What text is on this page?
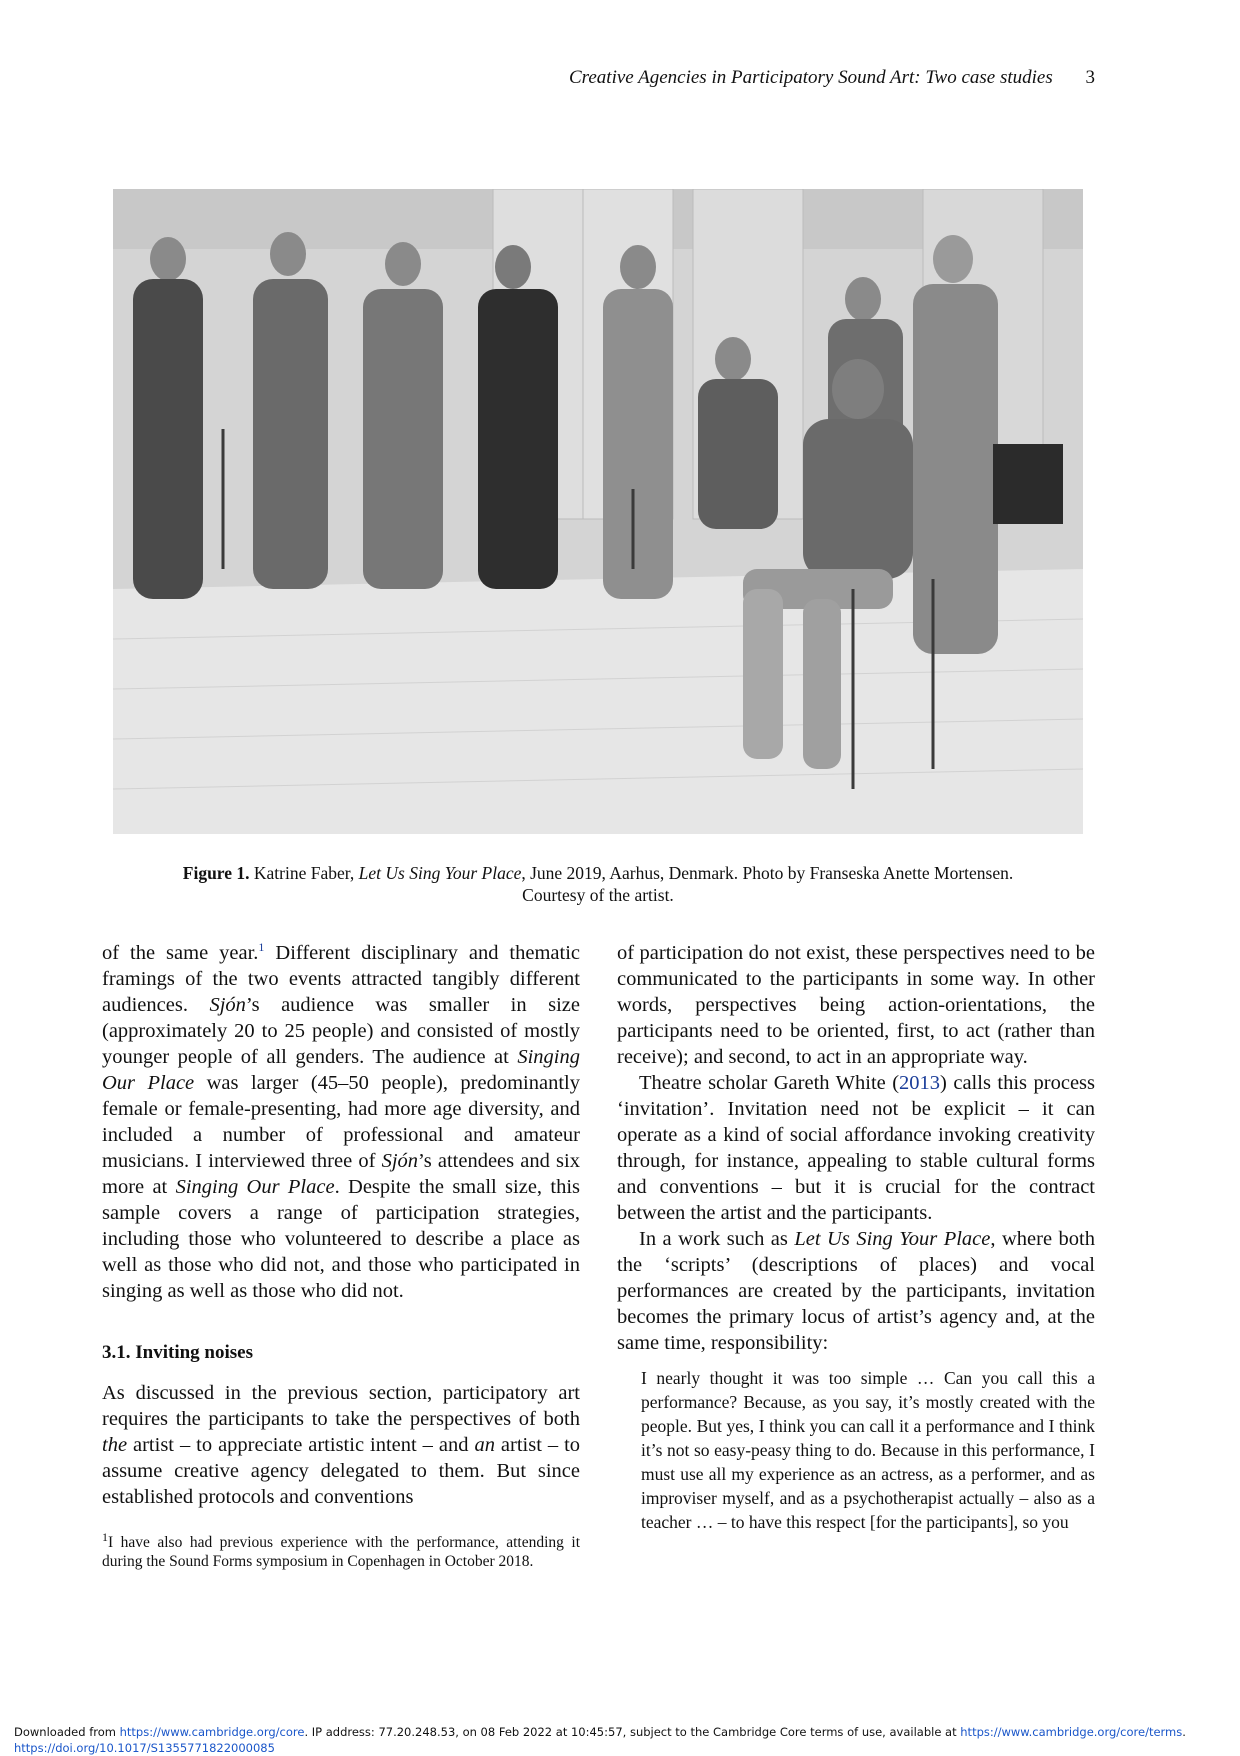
Creative Agencies in Participatory Sound Art: Two case studies 3
Figure 1. Katrine Faber, Let Us Sing Your Place, June 2019, Aarhus, Denmark. Photo by Franseska Anette Mortensen.
Courtesy of the artist.

of the same year.$^1$ Different disciplinary and thematic framings of the two events attracted tangibly different audiences. Sjón’s audience was smaller in size (approximately 20 to 25 people) and consisted of mostly younger people of all genders. The audience at Singing Our Place was larger (45–50 people), predominantly female or female-presenting, had more age diversity, and included a number of professional and amateur musicians. I interviewed three of Sjón’s attendees and six more at Singing Our Place. Despite the small size, this sample covers a range of participation strategies, including those who volunteered to describe a place as well as those who did not, and those who participated in singing as well as those who did not.

3.1. Inviting noises

As discussed in the previous section, participatory art requires the participants to take the perspectives of both the artist – to appreciate artistic intent – and an artist – to assume creative agency delegated to them. But since established protocols and conventions

$^1$I have also had previous experience with the performance, attending it during the Sound Forms symposium in Copenhagen in October 2018.

of participation do not exist, these perspectives need to be communicated to the participants in some way. In other words, perspectives being action-orientations, the participants need to be oriented, first, to act (rather than receive); and second, to act in an appropriate way.

Theatre scholar Gareth White (2013) calls this process ‘invitation’. Invitation need not be explicit – it can operate as a kind of social affordance invoking creativity through, for instance, appealing to stable cultural forms and conventions – but it is crucial for the contract between the artist and the participants.

In a work such as Let Us Sing Your Place, where both the ‘scripts’ (descriptions of places) and vocal performances are created by the participants, invitation becomes the primary locus of artist’s agency and, at the same time, responsibility:

I nearly thought it was too simple … Can you call this a performance? Because, as you say, it’s mostly created with the people. But yes, I think you can call it a performance and I think it’s not so easy-peasy thing to do. Because in this performance, I must use all my experience as an actress, as a performer, and as improviser myself, and as a psychotherapist actually – also as a teacher … – to have this respect [for the participants], so you

Downloaded from https://www.cambridge.org/core. IP address: 77.20.248.53, on 08 Feb 2022 at 10:45:57, subject to the Cambridge Core terms of use, available at https://www.cambridge.org/core/terms.
https://doi.org/10.1017/S1355771822000085
